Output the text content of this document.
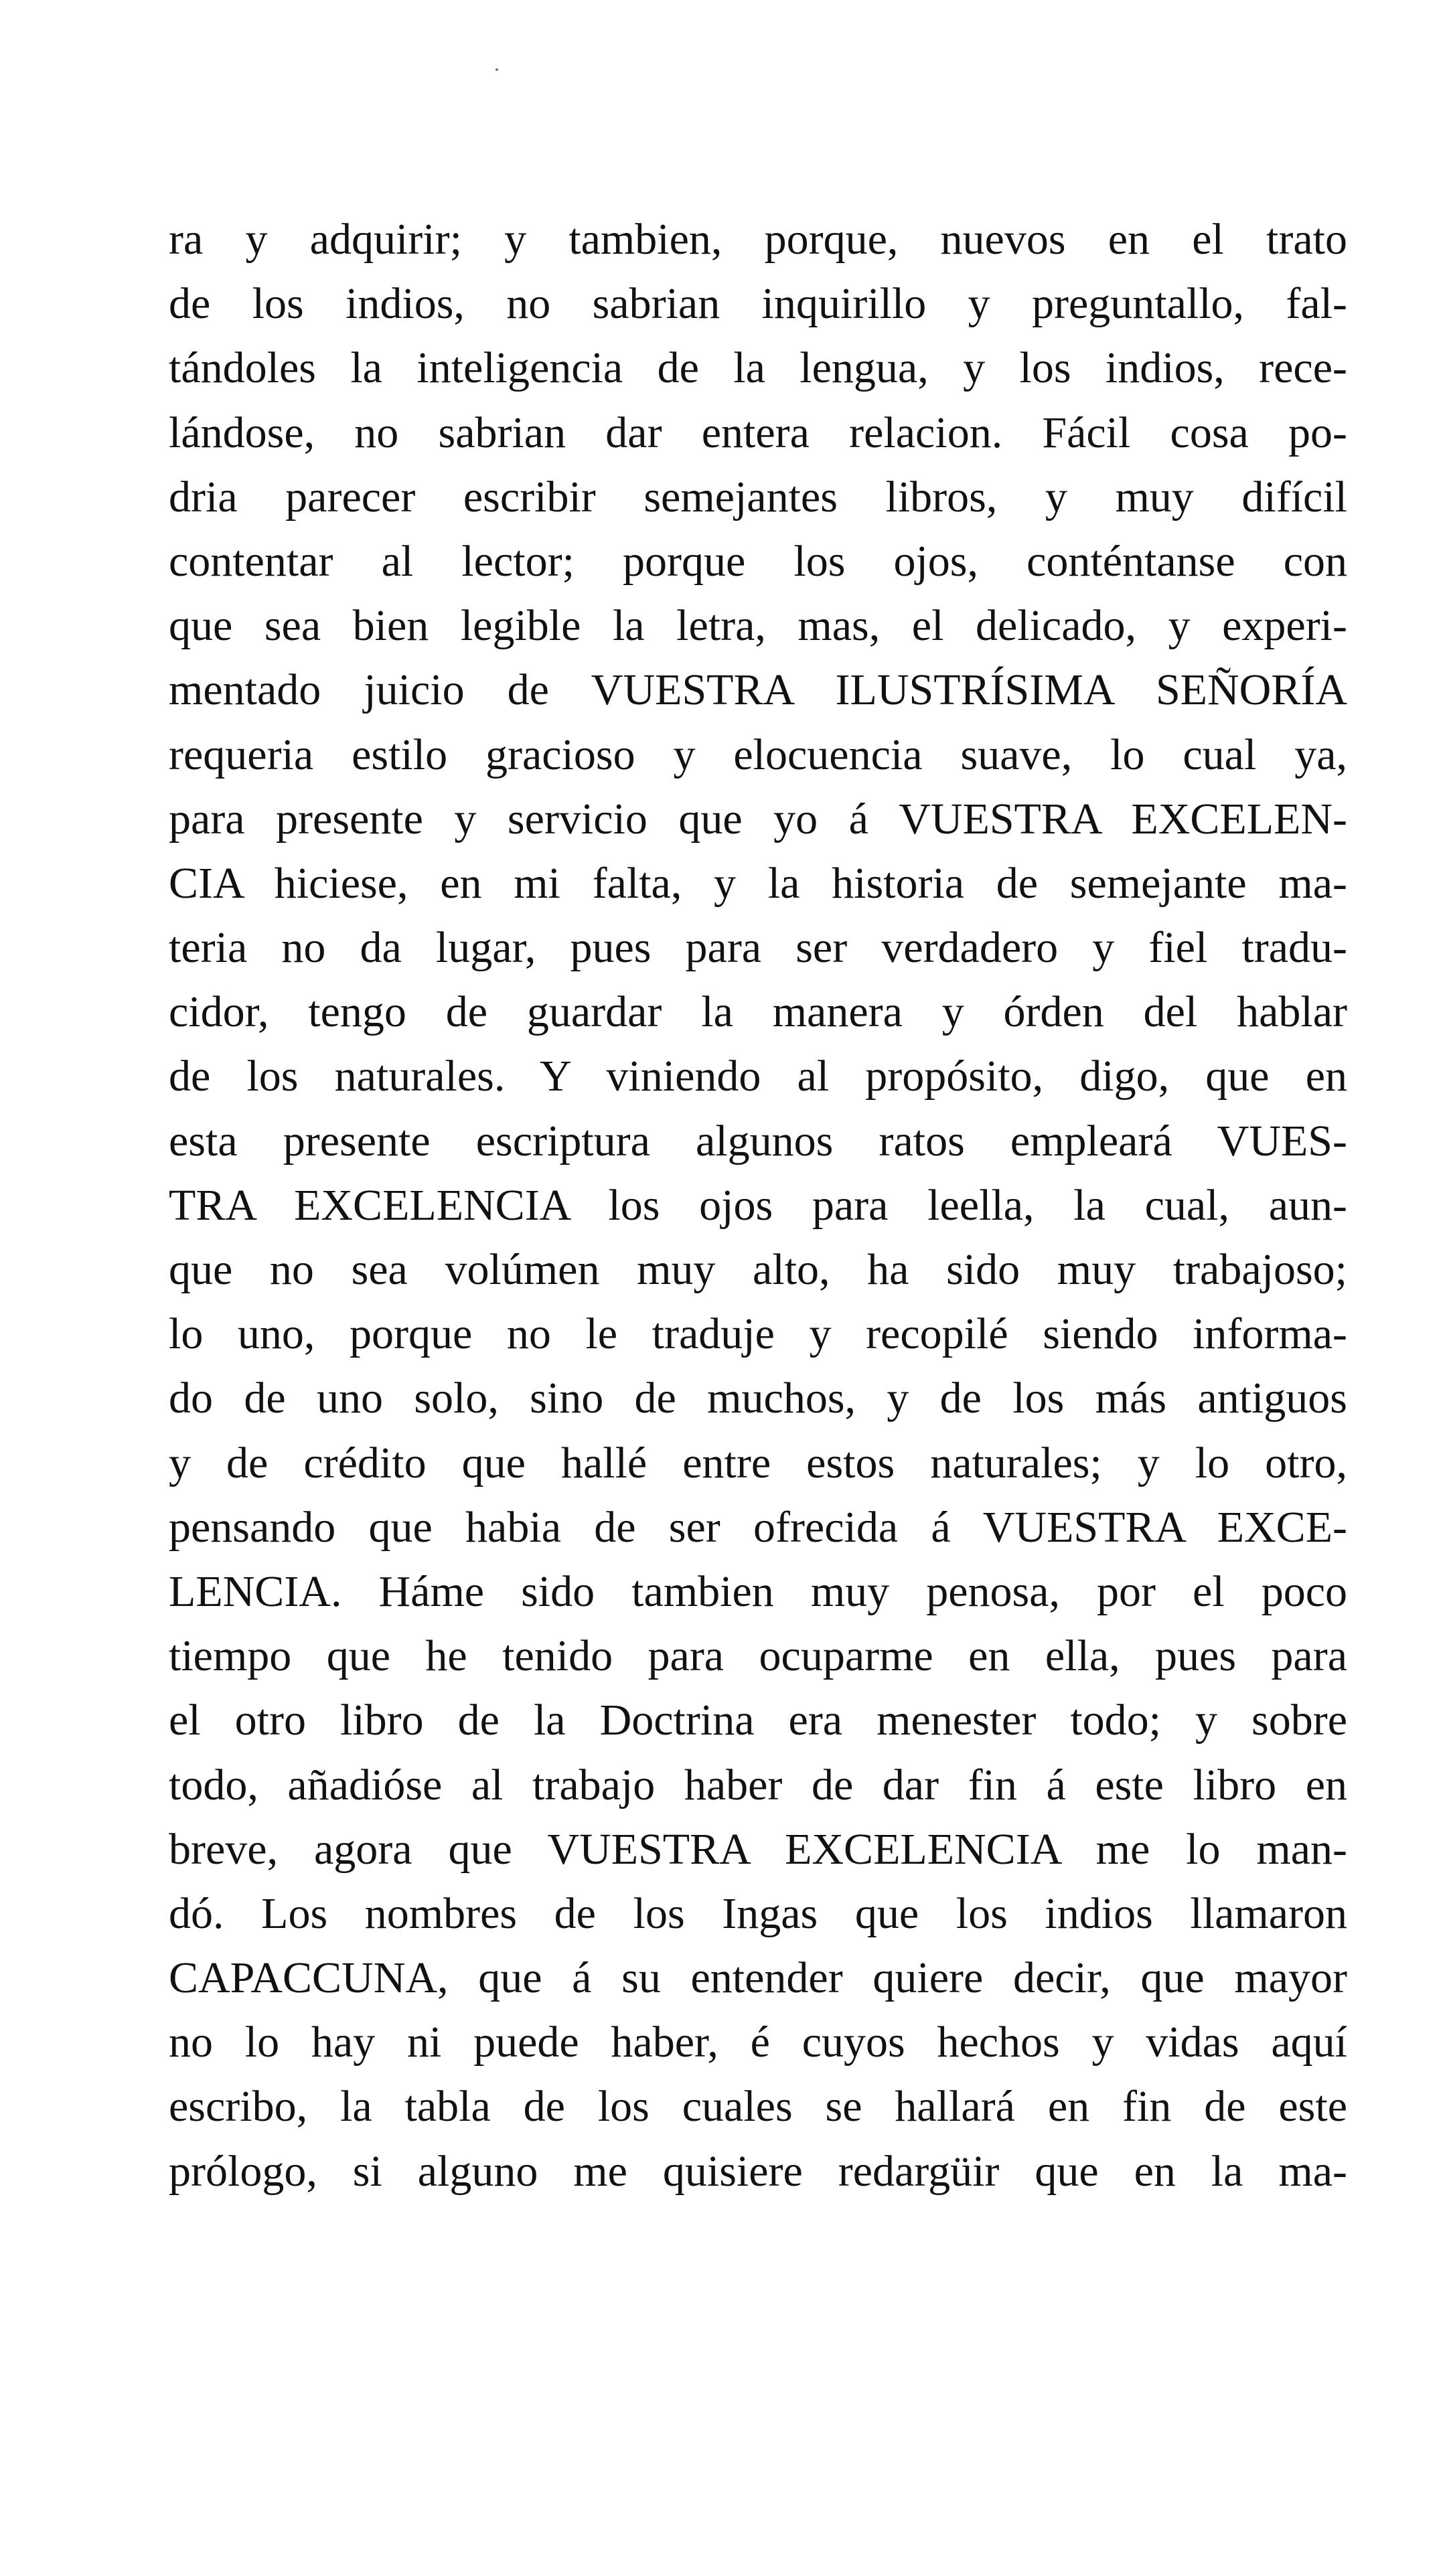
ra y adquirir; y tambien, porque, nuevos en el trato
de los indios, no sabrian inquirillo y preguntallo, fal-
tándoles la inteligencia de la lengua, y los indios, rece-
lándose, no sabrian dar entera relacion. Fácil cosa po-
dria parecer escribir semejantes libros, y muy difícil
contentar al lector; porque los ojos, conténtanse con
que sea bien legible la letra, mas, el delicado, y experi-
mentado juicio de VUESTRA ILUSTRÍSIMA SEÑORÍA
requeria estilo gracioso y elocuencia suave, lo cual ya,
para presente y servicio que yo á VUESTRA EXCELEN-
CIA hiciese, en mi falta, y la historia de semejante ma-
teria no da lugar, pues para ser verdadero y fiel tradu-
cidor, tengo de guardar la manera y órden del hablar
de los naturales. Y viniendo al propósito, digo, que en
esta presente escriptura algunos ratos empleará VUES-
TRA EXCELENCIA los ojos para leella, la cual, aun-
que no sea volúmen muy alto, ha sido muy trabajoso;
lo uno, porque no le traduje y recopilé siendo informa-
do de uno solo, sino de muchos, y de los más antiguos
y de crédito que hallé entre estos naturales; y lo otro,
pensando que habia de ser ofrecida á VUESTRA EXCE-
LENCIA. Háme sido tambien muy penosa, por el poco
tiempo que he tenido para ocuparme en ella, pues para
el otro libro de la Doctrina era menester todo; y sobre
todo, añadióse al trabajo haber de dar fin á este libro en
breve, agora que VUESTRA EXCELENCIA me lo man-
dó. Los nombres de los Ingas que los indios llamaron
CAPACCUNA, que á su entender quiere decir, que mayor
no lo hay ni puede haber, é cuyos hechos y vidas aquí
escribo, la tabla de los cuales se hallará en fin de este
prólogo, si alguno me quisiere redargüir que en la ma-
